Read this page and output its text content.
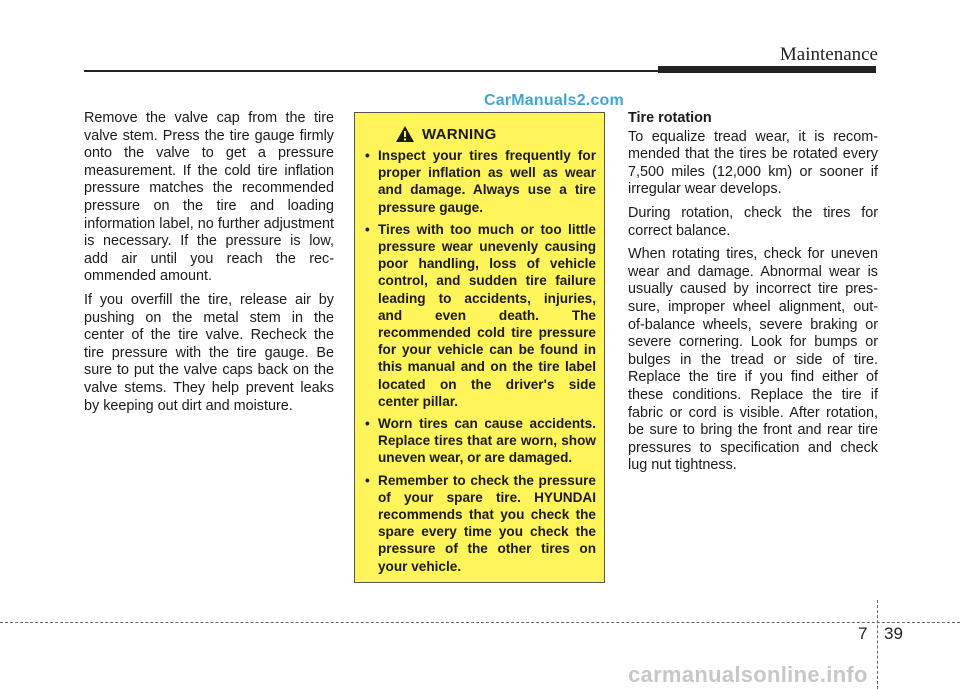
Maintenance
CarManuals2.com

Remove the valve cap from the tire valve stem. Press the tire gauge firmly onto the valve to get a pressure measurement. If the cold tire inflation pressure matches the recommended pressure on the tire and loading information label, no further adjustment is necessary. If the pressure is low, add air until you reach the recommended amount.

If you overfill the tire, release air by pushing on the metal stem in the center of the tire valve. Recheck the tire pressure with the tire gauge. Be sure to put the valve caps back on the valve stems. They help prevent leaks by keeping out dirt and moisture.

WARNING
• Inspect your tires frequently for proper inflation as well as wear and damage. Always use a tire pressure gauge.
• Tires with too much or too little pressure wear unevenly causing poor handling, loss of vehicle control, and sudden tire failure leading to accidents, injuries, and even death. The recommended cold tire pressure for your vehicle can be found in this manual and on the tire label located on the driver's side center pillar.
• Worn tires can cause accidents. Replace tires that are worn, show uneven wear, or are damaged.
• Remember to check the pressure of your spare tire. HYUNDAI recommends that you check the spare every time you check the pressure of the other tires on your vehicle.
Tire rotation

To equalize tread wear, it is recommended that the tires be rotated every 7,500 miles (12,000 km) or sooner if irregular wear develops.

During rotation, check the tires for correct balance.

When rotating tires, check for uneven wear and damage. Abnormal wear is usually caused by incorrect tire pressure, improper wheel alignment, out-of-balance wheels, severe braking or severe cornering. Look for bumps or bulges in the tread or side of tire. Replace the tire if you find either of these conditions. Replace the tire if fabric or cord is visible. After rotation, be sure to bring the front and rear tire pressures to specification and check lug nut tightness.

7 39
carmanualsonline.info
